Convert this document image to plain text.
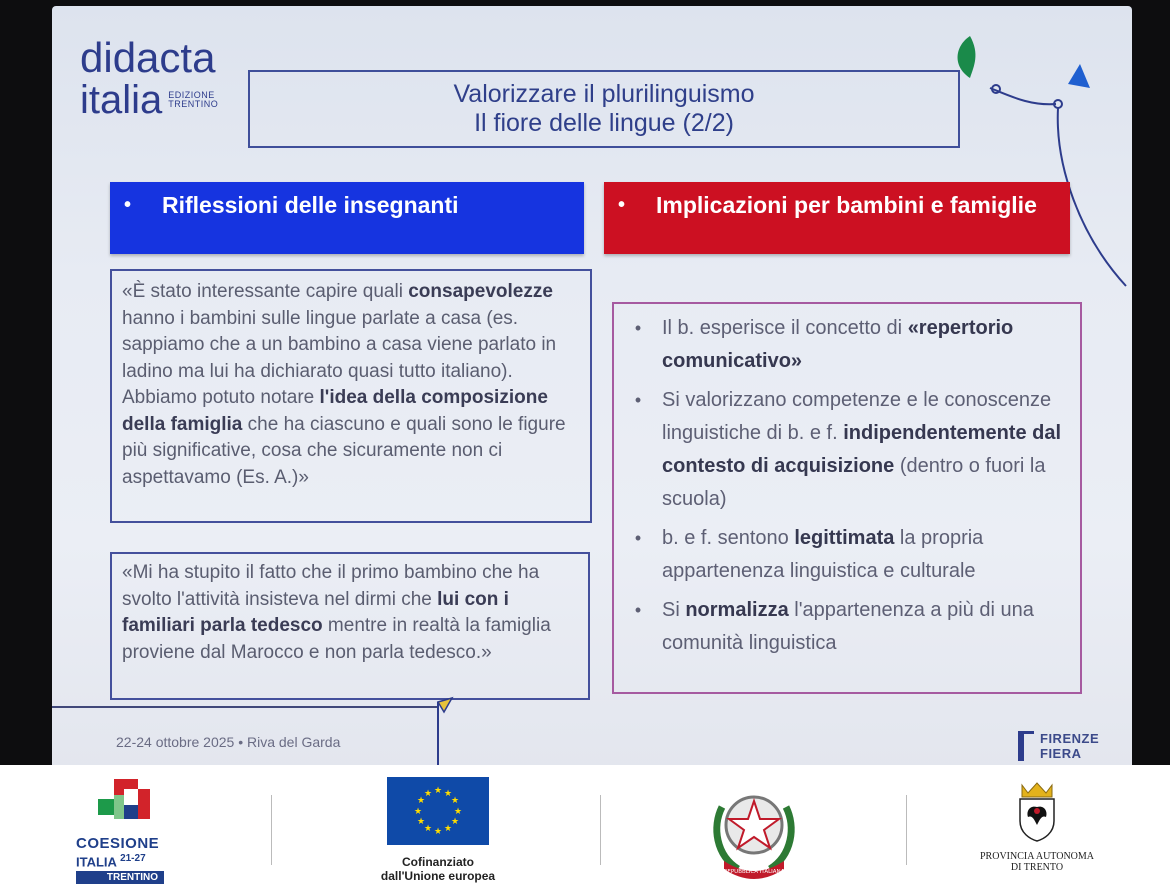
didacta
italia EDIZIONE
TRENTINO	Valorizzare il plurilinguismo
Il fiore delle lingue (2/2)
•	Riflessioni delle insegnanti	•	Implicazioni per bambini e famiglie
«È stato interessante capire quali consapevolezze hanno i bambini sulle lingue parlate a casa (es. sappiamo che a un bambino a casa viene parlato in ladino ma lui ha dichiarato quasi tutto italiano). Abbiamo potuto notare l'idea della composizione della famiglia che ha ciascuno e quali sono le figure più significative, cosa che sicuramente non ci aspettavamo (Es. A.)»
«Mi ha stupito il fatto che il primo bambino che ha svolto l'attività insisteva nel dirmi che lui con i familiari parla tedesco mentre in realtà la famiglia proviene dal Marocco e non parla tedesco.»
•	Il b. esperisce il concetto di «repertorio comunicativo»
•	Si valorizzano competenze e le conoscenze linguistiche di b. e f. indipendentemente dal contesto di acquisizione (dentro o fuori la scuola)
•	b. e f. sentono legittimata la propria appartenenza linguistica e culturale
•	Si normalizza l'appartenenza a più di una comunità linguistica
22-24 ottobre 2025 • Riva del Garda	FIRENZE
FIERA
COESIONE
ITALIA $^{21-27}$
TRENTINO
★ ★
★
★
★
★
★
★
★
★
★
★
Cofinanziato
dall'Unione europea	REPUBBLICA ITALIANA
PROVINCIA AUTONOMA
DI TRENTO
